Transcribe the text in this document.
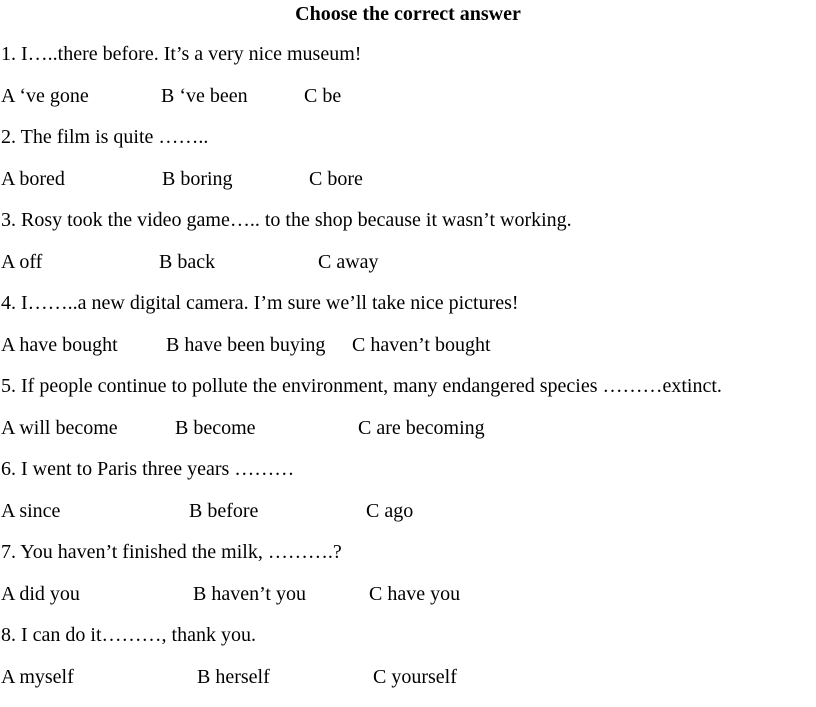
Choose the correct answer
1. I…..there before. It’s a very nice museum!
A ‘ve gone	B ‘ve been	C be
2. The film is quite ……..
A bored	B boring	C bore
3. Rosy took the video game….. to the shop because it wasn’t working.
A off	B back	C away
4. I……..a new digital camera. I’m sure we’ll take nice pictures!
A have bought B have been buying C haven’t bought
5. If people continue to pollute the environment, many endangered species ………extinct.
A will become	B become	C are becoming
6. I went to Paris three years ………
A since	B before	C ago
7. You haven’t finished the milk, ……….?
A did you	B haven’t you	C have you
8. I can do it………, thank you.
A myself	B herself	C yourself
